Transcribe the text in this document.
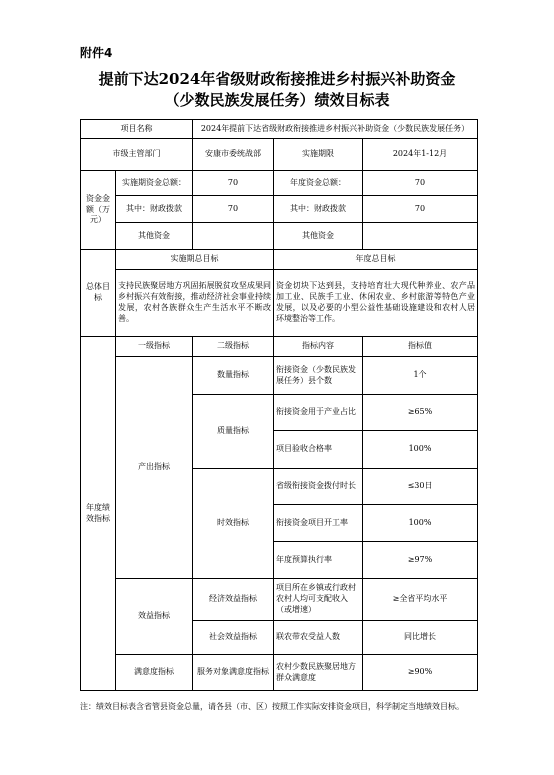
附件4
提前下达2024年省级财政衔接推进乡村振兴补助资金
（少数民族发展任务）绩效目标表
项目名称		2024年提前下达省级财政衔接推进乡村振兴补助资金（少数民族发展任务）		
市级主管部门		安康市委统战部	实施期限	2024年1-12月
资金金额（万元）	实施期资金总额：	70	年度资金总额：	70
	其中：财政拨款	70	其中：财政拨款	70
	其他资金		其他资金	
总体目标	实施期总目标		年度总目标	
	支持民族聚居地方巩固拓展脱贫攻坚成果同乡村振兴有效衔接，推动经济社会事业持续发展，农村各族群众生产生活水平不断改善。		资金切块下达到县，支持培育壮大现代种养业、农产品加工业、民族手工业、休闲农业、乡村旅游等特色产业发展，以及必要的小型公益性基础设施建设和农村人居环境整治等工作。	
年度绩效指标	一级指标	二级指标	指标内容	指标值
	产出指标	数量指标	衔接资金（少数民族发展任务）县个数	1个
		质量指标	衔接资金用于产业占比	≥65%
			项目验收合格率	100%
		时效指标	省级衔接资金拨付时长	≤30日
			衔接资金项目开工率	100%
			年度预算执行率	≥97%
	效益指标	经济效益指标	项目所在乡镇或行政村农村人均可支配收入（或增速）	≥全省平均水平
		社会效益指标	联农带农受益人数	同比增长
	满意度指标	服务对象满意度指标	农村少数民族聚居地方群众满意度	≥90%
注：绩效目标表含省管县资金总量，请各县（市、区）按照工作实际安排资金项目，科学制定当地绩效目标。
